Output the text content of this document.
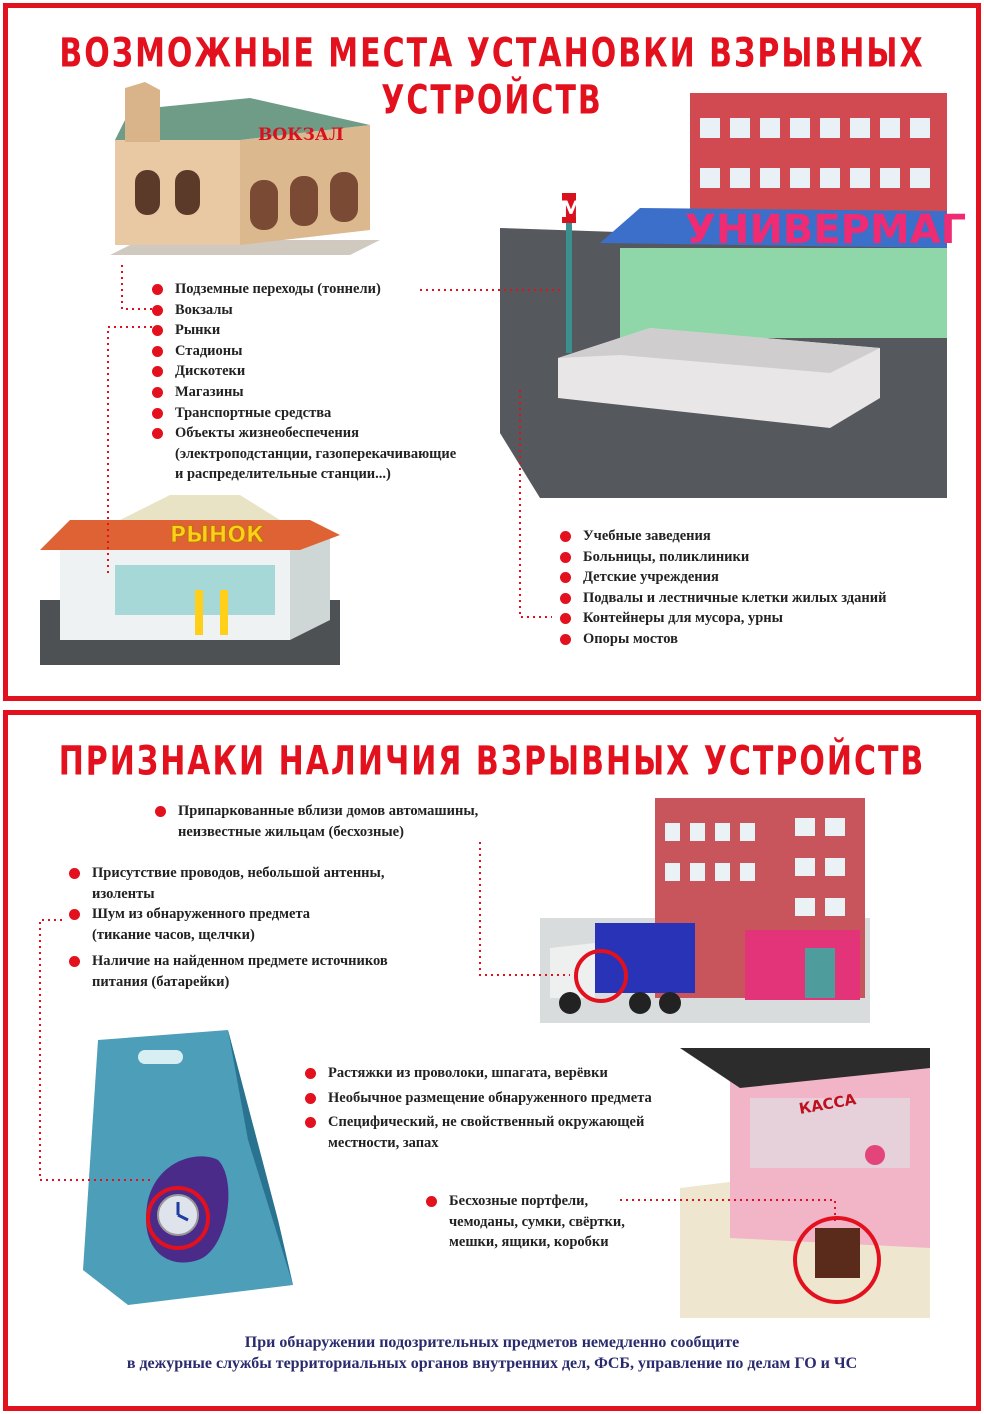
ВОЗМОЖНЫЕ МЕСТА УСТАНОВКИ ВЗРЫВНЫХ УСТРОЙСТВ
ВОКЗАЛ
УНИВЕРМАГ
М
РЫНОК
Подземные переходы (тоннели)
Вокзалы
Рынки
Стадионы
Дискотеки
Магазины
Транспортные средства
Объекты жизнеобеспечения
(электроподстанции, газоперекачивающие
и распределительные станции...)
Учебные заведения
Больницы, поликлиники
Детские учреждения
Подвалы и лестничные клетки жилых зданий
Контейнеры для мусора, урны
Опоры мостов
ПРИЗНАКИ НАЛИЧИЯ ВЗРЫВНЫХ УСТРОЙСТВ
КАССА
Припаркованные вблизи домов автомашины,
неизвестные жильцам (бесхозные)
Присутствие проводов, небольшой антенны,
изоленты
Шум из обнаруженного предмета
(тикание часов, щелчки)
Наличие на найденном предмете источников
питания (батарейки)
Растяжки из проволоки, шпагата, верёвки
Необычное размещение обнаруженного предмета
Специфический, не свойственный окружающей
местности, запах
Бесхозные портфели,
чемоданы, сумки, свёртки,
мешки, ящики, коробки
При обнаружении подозрительных предметов немедленно сообщите
в дежурные службы территориальных органов внутренних дел, ФСБ, управление по делам ГО и ЧС
